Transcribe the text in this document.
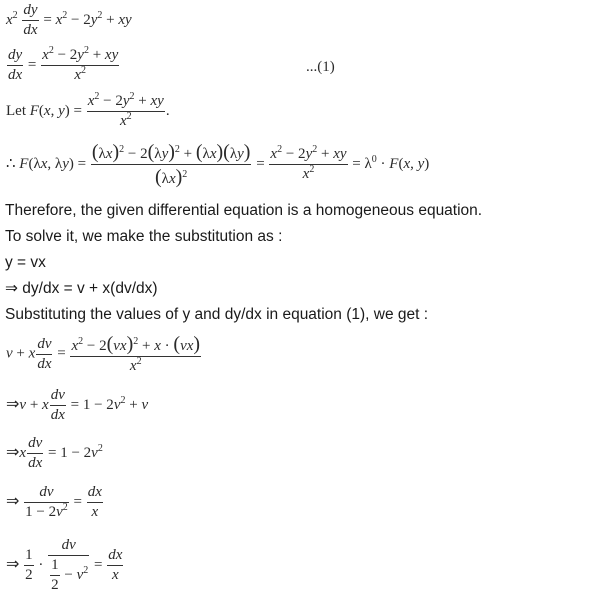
$x^2 \frac{dy}{dx} = x^2 - 2y^2$ + xy
$\frac{dy}{dx} = \frac{x^2 - 2y^2 + xy}{x^2}$	...(1)
Let F(x, $y) = \frac{x^2 - 2y^2 + xy}{x^2}$ .
∴ F(λx, $\lambda y) = \frac{(\lambda x)^2 - 2(\lambda y)^2 + (\lambda x)(\lambda y)}{(\lambda x)^2} = \frac{x^2 - 2y^2 + xy}{x^2} = \lambda^0 \cdot F(x$, y)
Therefore, the given differential equation is a homogeneous equation.
To solve it, we make the substitution as :
y = vx
⇒ dy/dx = v + x(dv/dx)
Substituting the values of y and dy/dx in equation (1), we get :
v + x $\frac{dv}{dx} = \frac{x^2 - 2(vx)^2 + x \cdot (vx)}{x^2}$
⇒v + x $\frac{dv}{dx} = 1 - 2v^2 + v$
⇒x $\frac{dv}{dx} = 1 - 2v^2$
⇒ $\frac{dv}{1 - 2v^2} = \frac{dx}{x}$
⇒ $\frac{1}{2} \cdot \frac{dv}{\frac{1}{2} - v^2} = \frac{dx}{x}$
